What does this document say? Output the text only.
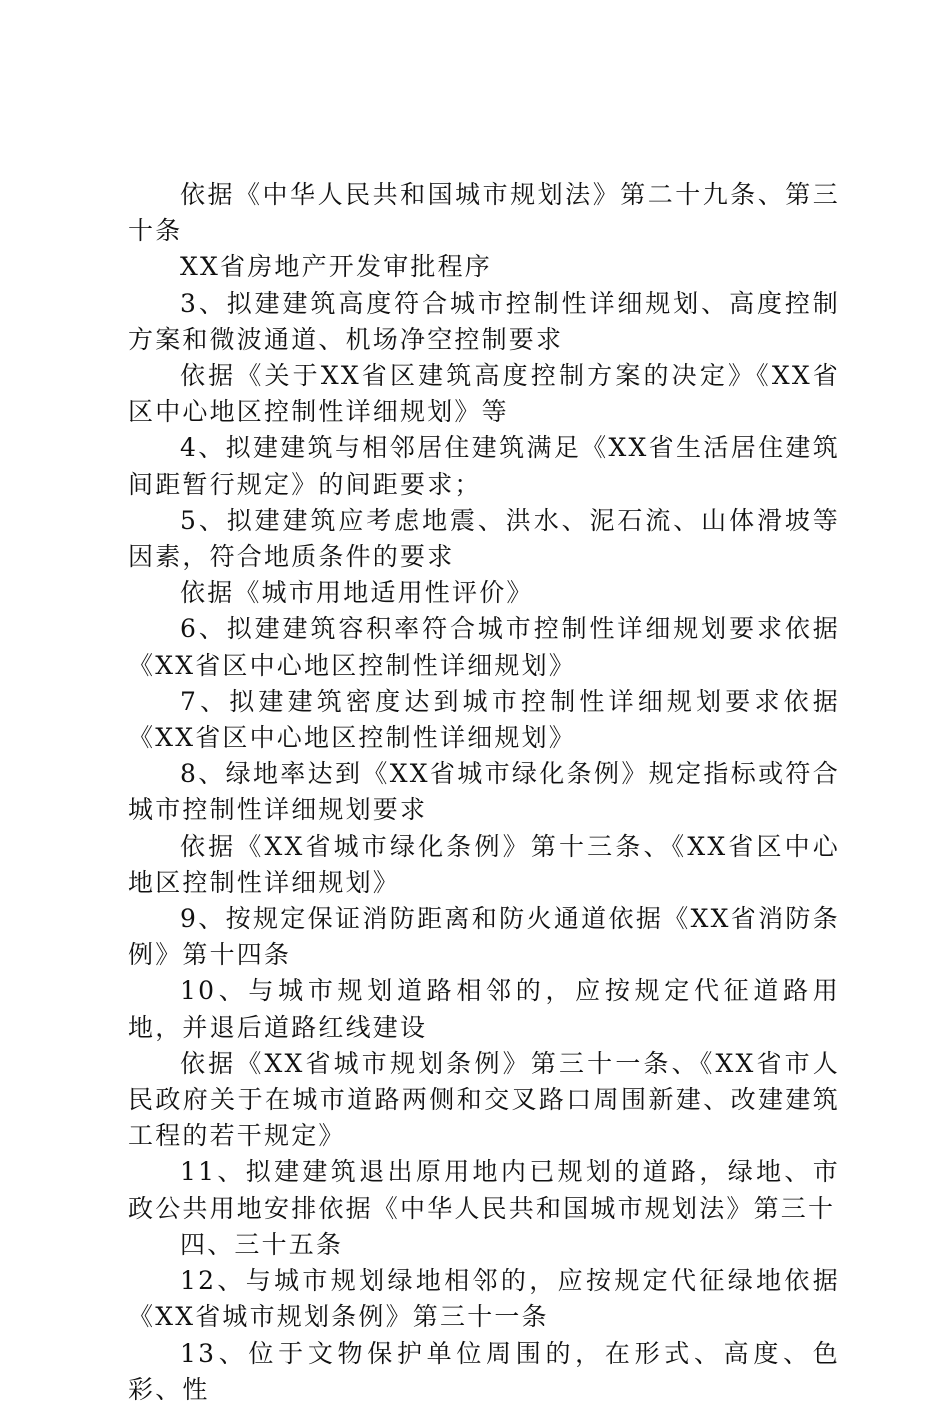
依据《中华人民共和国城市规划法》第二十九条、第三十条

XX省房地产开发审批程序

3、拟建建筑高度符合城市控制性详细规划、高度控制方案和微波通道、机场净空控制要求

依据《关于XX省区建筑高度控制方案的决定》《XX省区中心地区控制性详细规划》等

4、拟建建筑与相邻居住建筑满足《XX省生活居住建筑间距暂行规定》的间距要求；

5、拟建建筑应考虑地震、洪水、泥石流、山体滑坡等因素，符合地质条件的要求

依据《城市用地适用性评价》

6、拟建建筑容积率符合城市控制性详细规划要求依据《XX省区中心地区控制性详细规划》

7、拟建建筑密度达到城市控制性详细规划要求依据《XX省区中心地区控制性详细规划》

8、绿地率达到《XX省城市绿化条例》规定指标或符合城市控制性详细规划要求

依据《XX省城市绿化条例》第十三条、《XX省区中心地区控制性详细规划》

9、按规定保证消防距离和防火通道依据《XX省消防条例》第十四条

10、与城市规划道路相邻的，应按规定代征道路用地，并退后道路红线建设

依据《XX省城市规划条例》第三十一条、《XX省市人民政府关于在城市道路两侧和交叉路口周围新建、改建建筑工程的若干规定》

11、拟建建筑退出原用地内已规划的道路，绿地、市政公共用地安排依据《中华人民共和国城市规划法》第三十

四、三十五条

12、与城市规划绿地相邻的，应按规定代征绿地依据《XX省城市规划条例》第三十一条

13、位于文物保护单位周围的，在形式、高度、色彩、性
